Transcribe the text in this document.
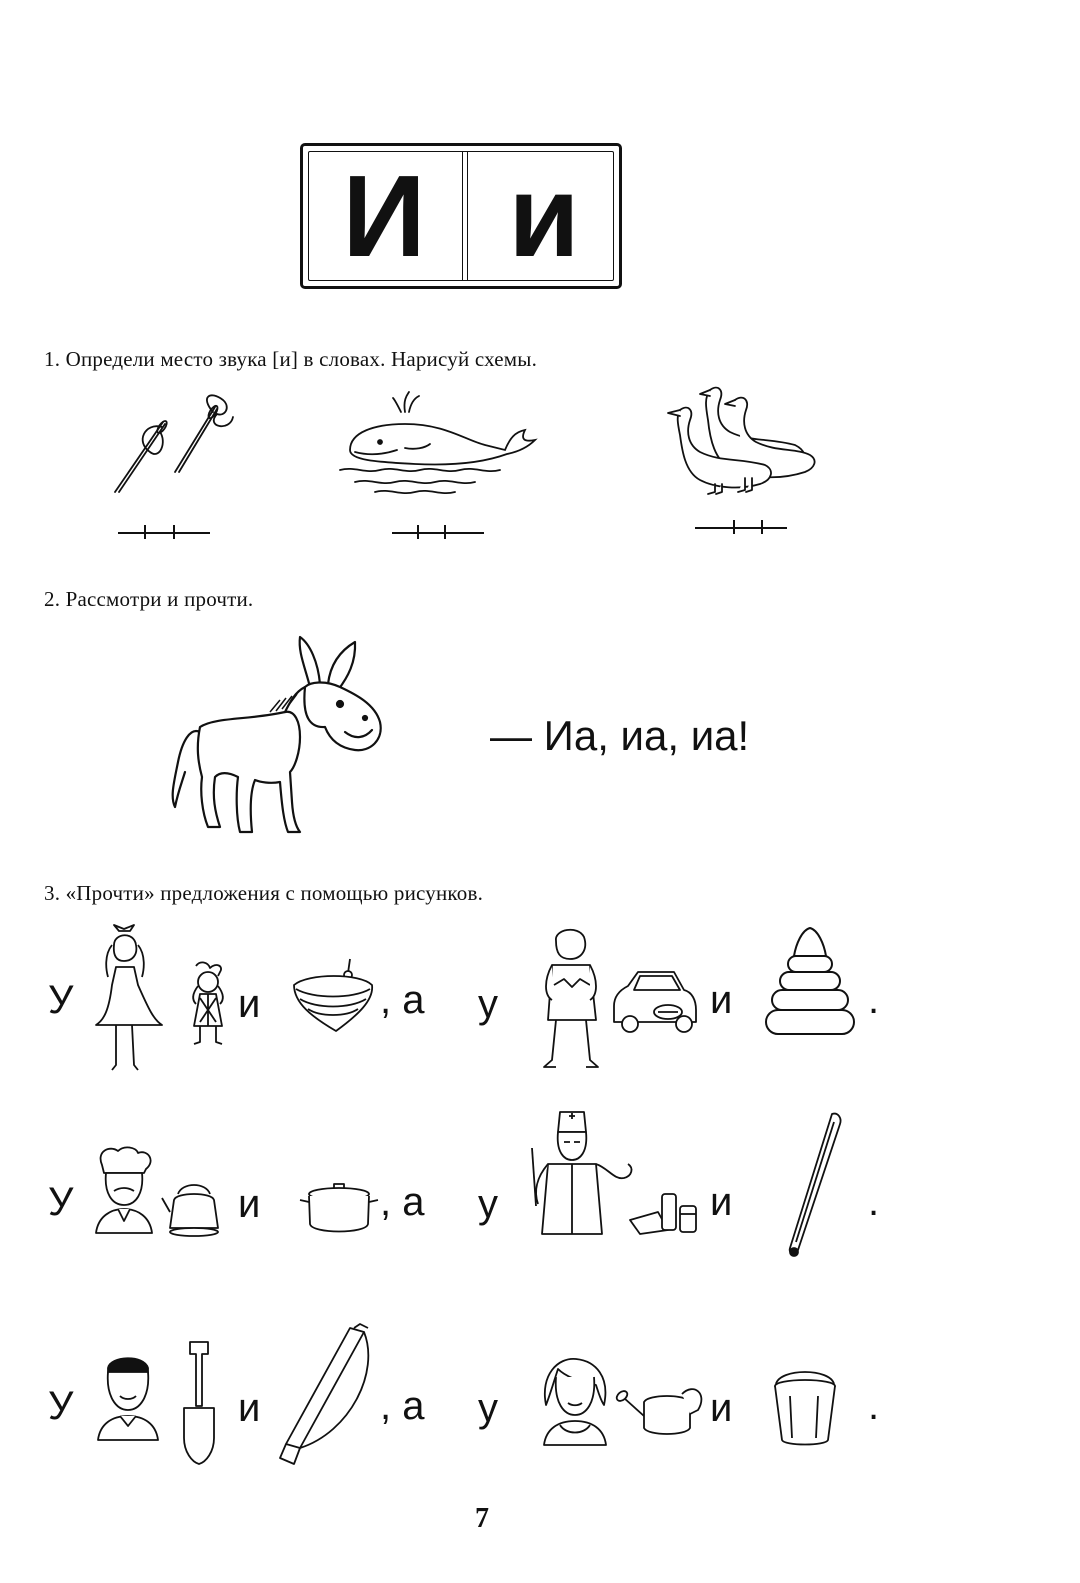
И и
1. Определи место звука [и] в словах. Нарисуй схемы.
2. Рассмотри и прочти.
— Иа, иа, иа!
3. «Прочти» предложения с помощью рисунков.
У	и	, а у	и	.
У	и	, а у	и	.
У	и	, а у	и	.
7
